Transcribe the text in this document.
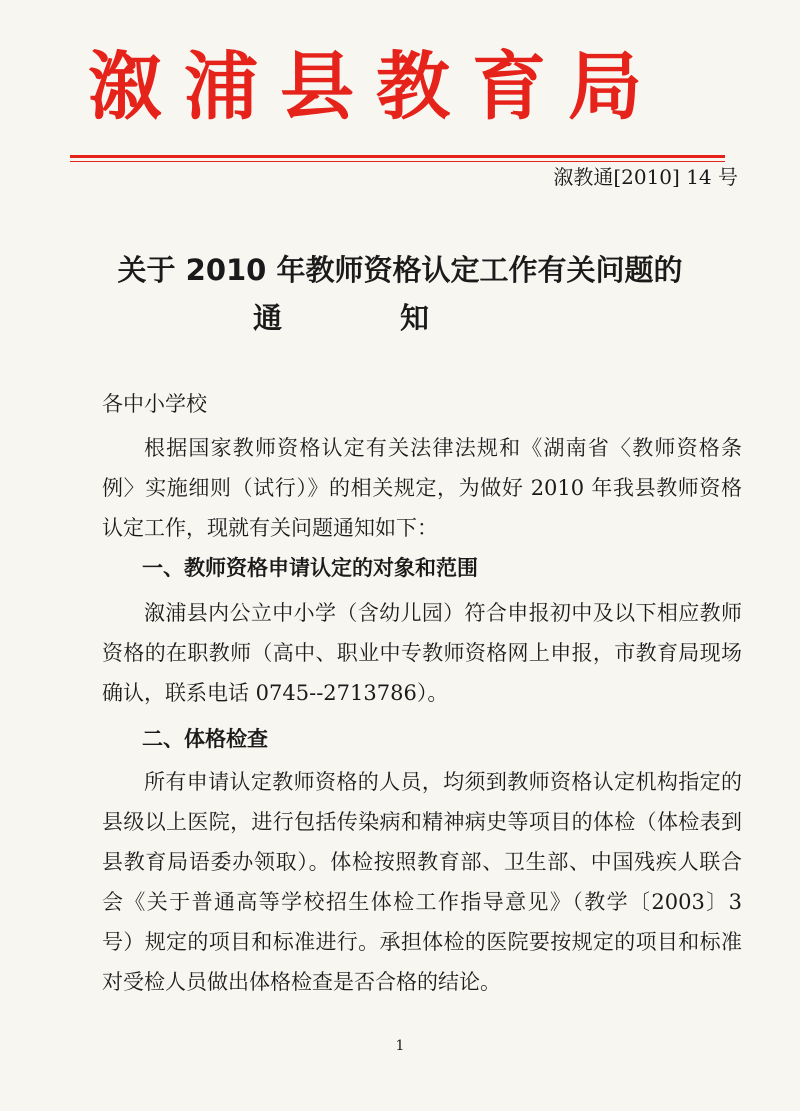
溆浦县教育局
溆教通[2010] 14 号
关于 2010 年教师资格认定工作有关问题的
通知
各中小学校

根据国家教师资格认定有关法律法规和《湖南省〈教师资格条例〉实施细则（试行）》的相关规定，为做好 2010 年我县教师资格认定工作，现就有关问题通知如下：

一、教师资格申请认定的对象和范围

溆浦县内公立中小学（含幼儿园）符合申报初中及以下相应教师资格的在职教师（高中、职业中专教师资格网上申报，市教育局现场确认，联系电话 0745--2713786）。

二、体格检查

所有申请认定教师资格的人员，均须到教师资格认定机构指定的县级以上医院，进行包括传染病和精神病史等项目的体检（体检表到县教育局语委办领取）。体检按照教育部、卫生部、中国残疾人联合会《关于普通高等学校招生体检工作指导意见》（教学〔2003〕3 号）规定的项目和标准进行。承担体检的医院要按规定的项目和标准对受检人员做出体格检查是否合格的结论。

1
